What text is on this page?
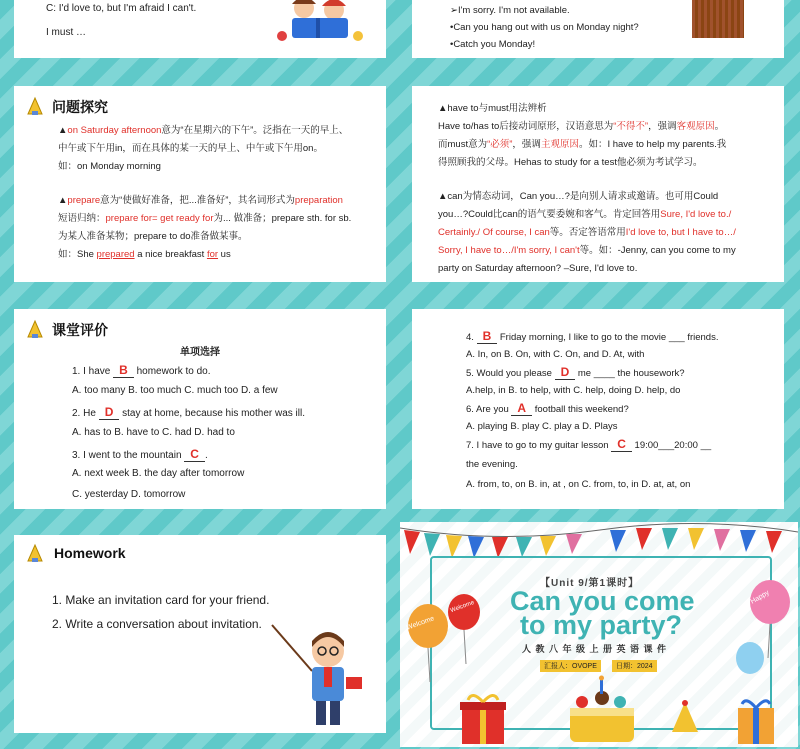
C: I'd love to, but I'm afraid I can't.
I must …
➢I'm sorry. I'm not available.
•Can you hang out with us on Monday night?
•Catch you Monday!
问题探究
▲on Saturday afternoon意为“在星期六的下午”。泛指在一天的早上、
中午或下午用in，而在具体的某一天的早上、中午或下午用on。
如：on Monday morning
▲prepare意为“使做好准备，把...准备好”，其名词形式为preparation
短语归纳：prepare for= get ready for为... 做准备；prepare sth. for sb.
为某人准备某物；prepare to do准备做某事。
如：She prepared a nice breakfast for us
▲have to与must用法辨析
Have to/has to后接动词原形，汉语意思为“不得不”，强调客观原因。
而must意为“必须”，强调主观原因。如：I have to help my parents.我
得照顾我的父母。Hehas to study for a test他必须为考试学习。
▲can为情态动词，Can you…?是向别人请求或邀请。也可用Could
you…?Could比can的语气要委婉和客气。肯定回答用Sure, I'd love to./
Certainly./ Of course, I can等。否定答语常用I'd love to, but I have to…/
Sorry, I have to…/I'm sorry, I can't等。如：-Jenny, can you come to my
party on Saturday afternoon? –Sure, I'd love to.
课堂评价
单项选择
1. I have B homework to do.
A. too many B. too much C. much too D. a few
2. He D stay at home, because his mother was ill.
A. has to B. have to C. had D. had to
3. I went to the mountain C .
A. next week B. the day after tomorrow
C. yesterday D. tomorrow
4. B Friday morning, I like to go to the movie ___ friends.
A. In, on B. On, with C. On, and D. At, with
5. Would you please D me ____ the housework?
A.help, in B. to help, with C. help, doing D. help, do
6. Are you A football this weekend?
A. playing B. play C. play a D. Plays
7. I have to go to my guitar lesson C 19:00___20:00 __
the evening.
A. from, to, on B. in, at , on C. from, to, in D. at, at, on
Homework
1. Make an invitation card for your friend.
2. Write a conversation about invitation.
【Unit 9/第1课时】
Can you come
to my party?
人 教 八 年 级 上 册 英 语 课 件
汇报人：OVOPE	日期：2024
Welcome
Welcome
Happy
